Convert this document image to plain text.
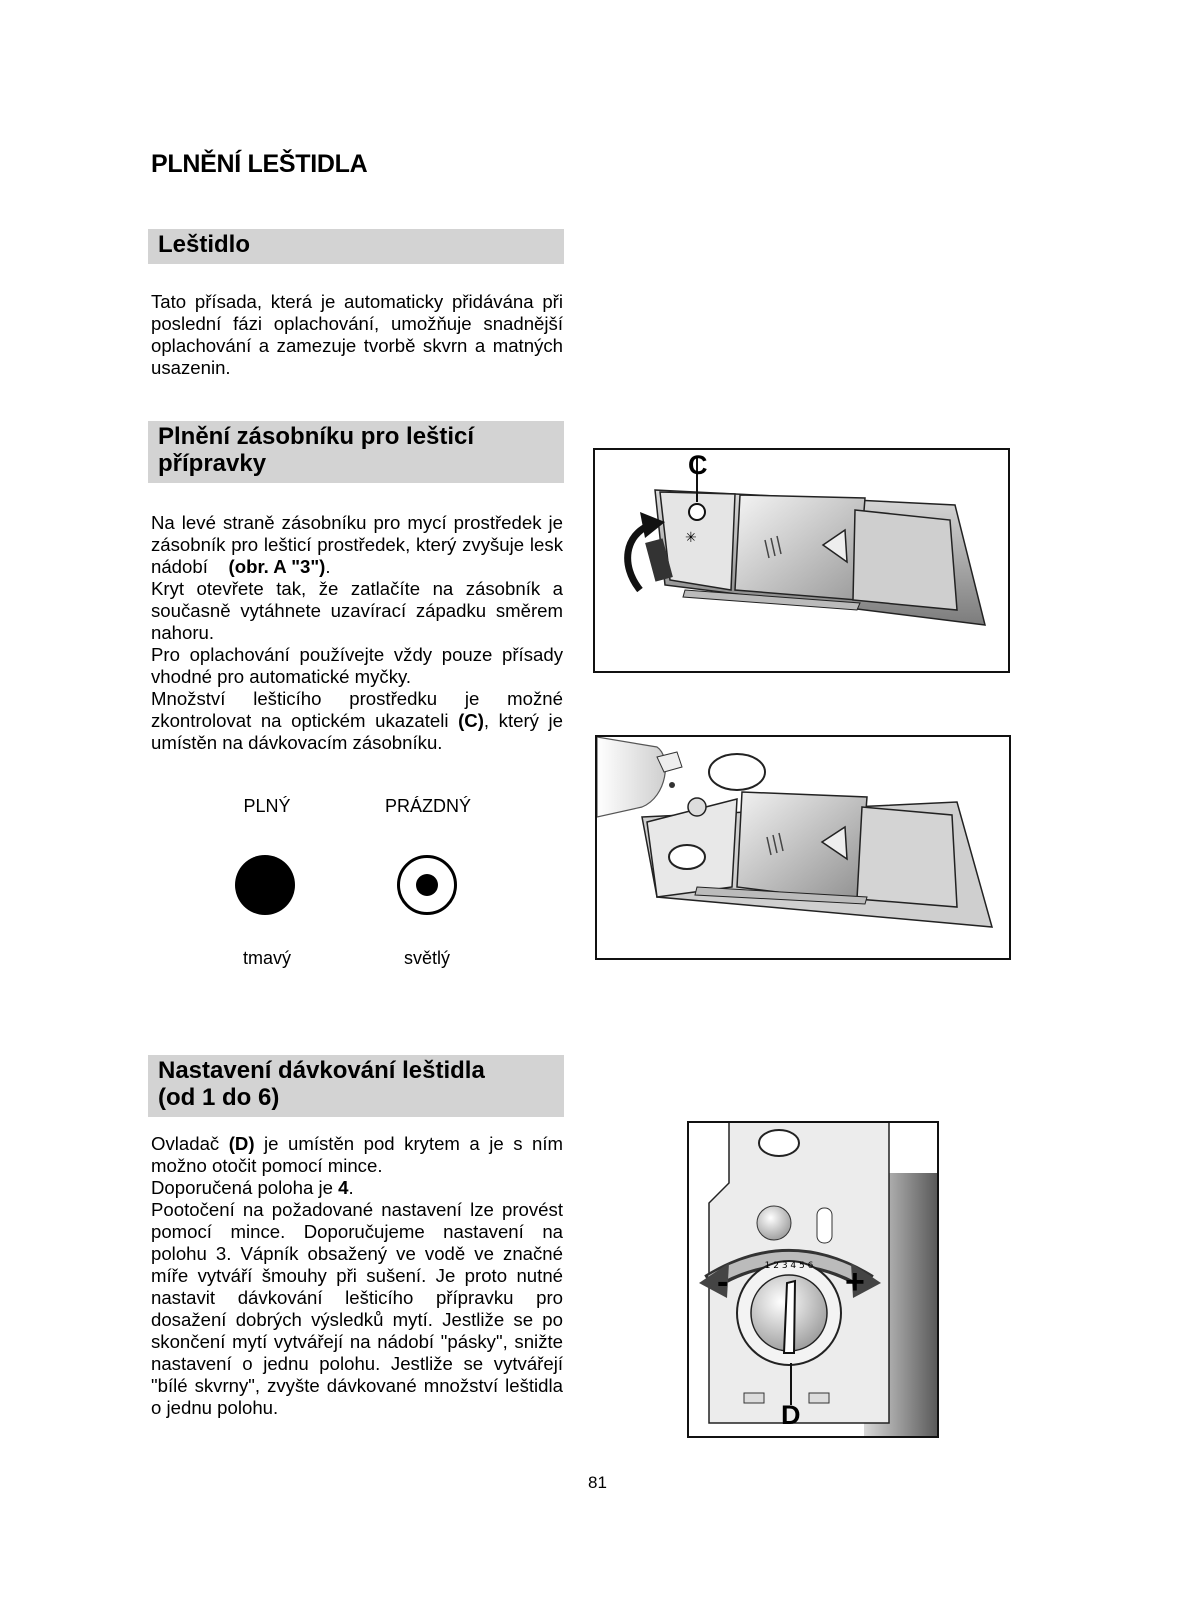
PLNĚNÍ LEŠTIDLA
Leštidlo

Tato přísada, která je automaticky přidávána při poslední fázi oplachování, umožňuje snadnější oplachování a zamezuje tvorbě skvrn a matných usazenin.

Plnění zásobníku pro lešticí
přípravky

Na levé straně zásobníku pro mycí prostředek je zásobník pro lešticí prostředek, který zvyšuje lesk nádobí (obr. A "3").

Kryt otevřete tak, že zatlačíte na zásobník a současně vytáhnete uzavírací západku směrem nahoru.

Pro oplachování používejte vždy pouze přísady vhodné pro automatické myčky.

Množství lešticího prostředku je možné zkontrolovat na optickém ukazateli (C), který je umístěn na dávkovacím zásobníku.

PLNÝ	PRÁZDNÝ
tmavý	světlý
Nastavení dávkování leštidla
(od 1 do 6)

Ovladač (D) je umístěn pod krytem a je s ním možno otočit pomocí mince.

Doporučená poloha je 4.

Pootočení na požadované nastavení lze provést pomocí mince. Doporučujeme nastavení na polohu 3. Vápník obsažený ve vodě ve značné míře vytváří šmouhy při sušení. Je proto nutné nastavit dávkování lešticího přípravku pro dosažení dobrých výsledků mytí. Jestliže se po skončení mytí vytvářejí na nádobí "pásky", snižte nastavení o jednu polohu. Jestliže se vytvářejí "bílé skvrny", zvyšte dávkované množství leštidla o jednu polohu.

✳
C
1 2 3 4 5 6
-	+
D
81
